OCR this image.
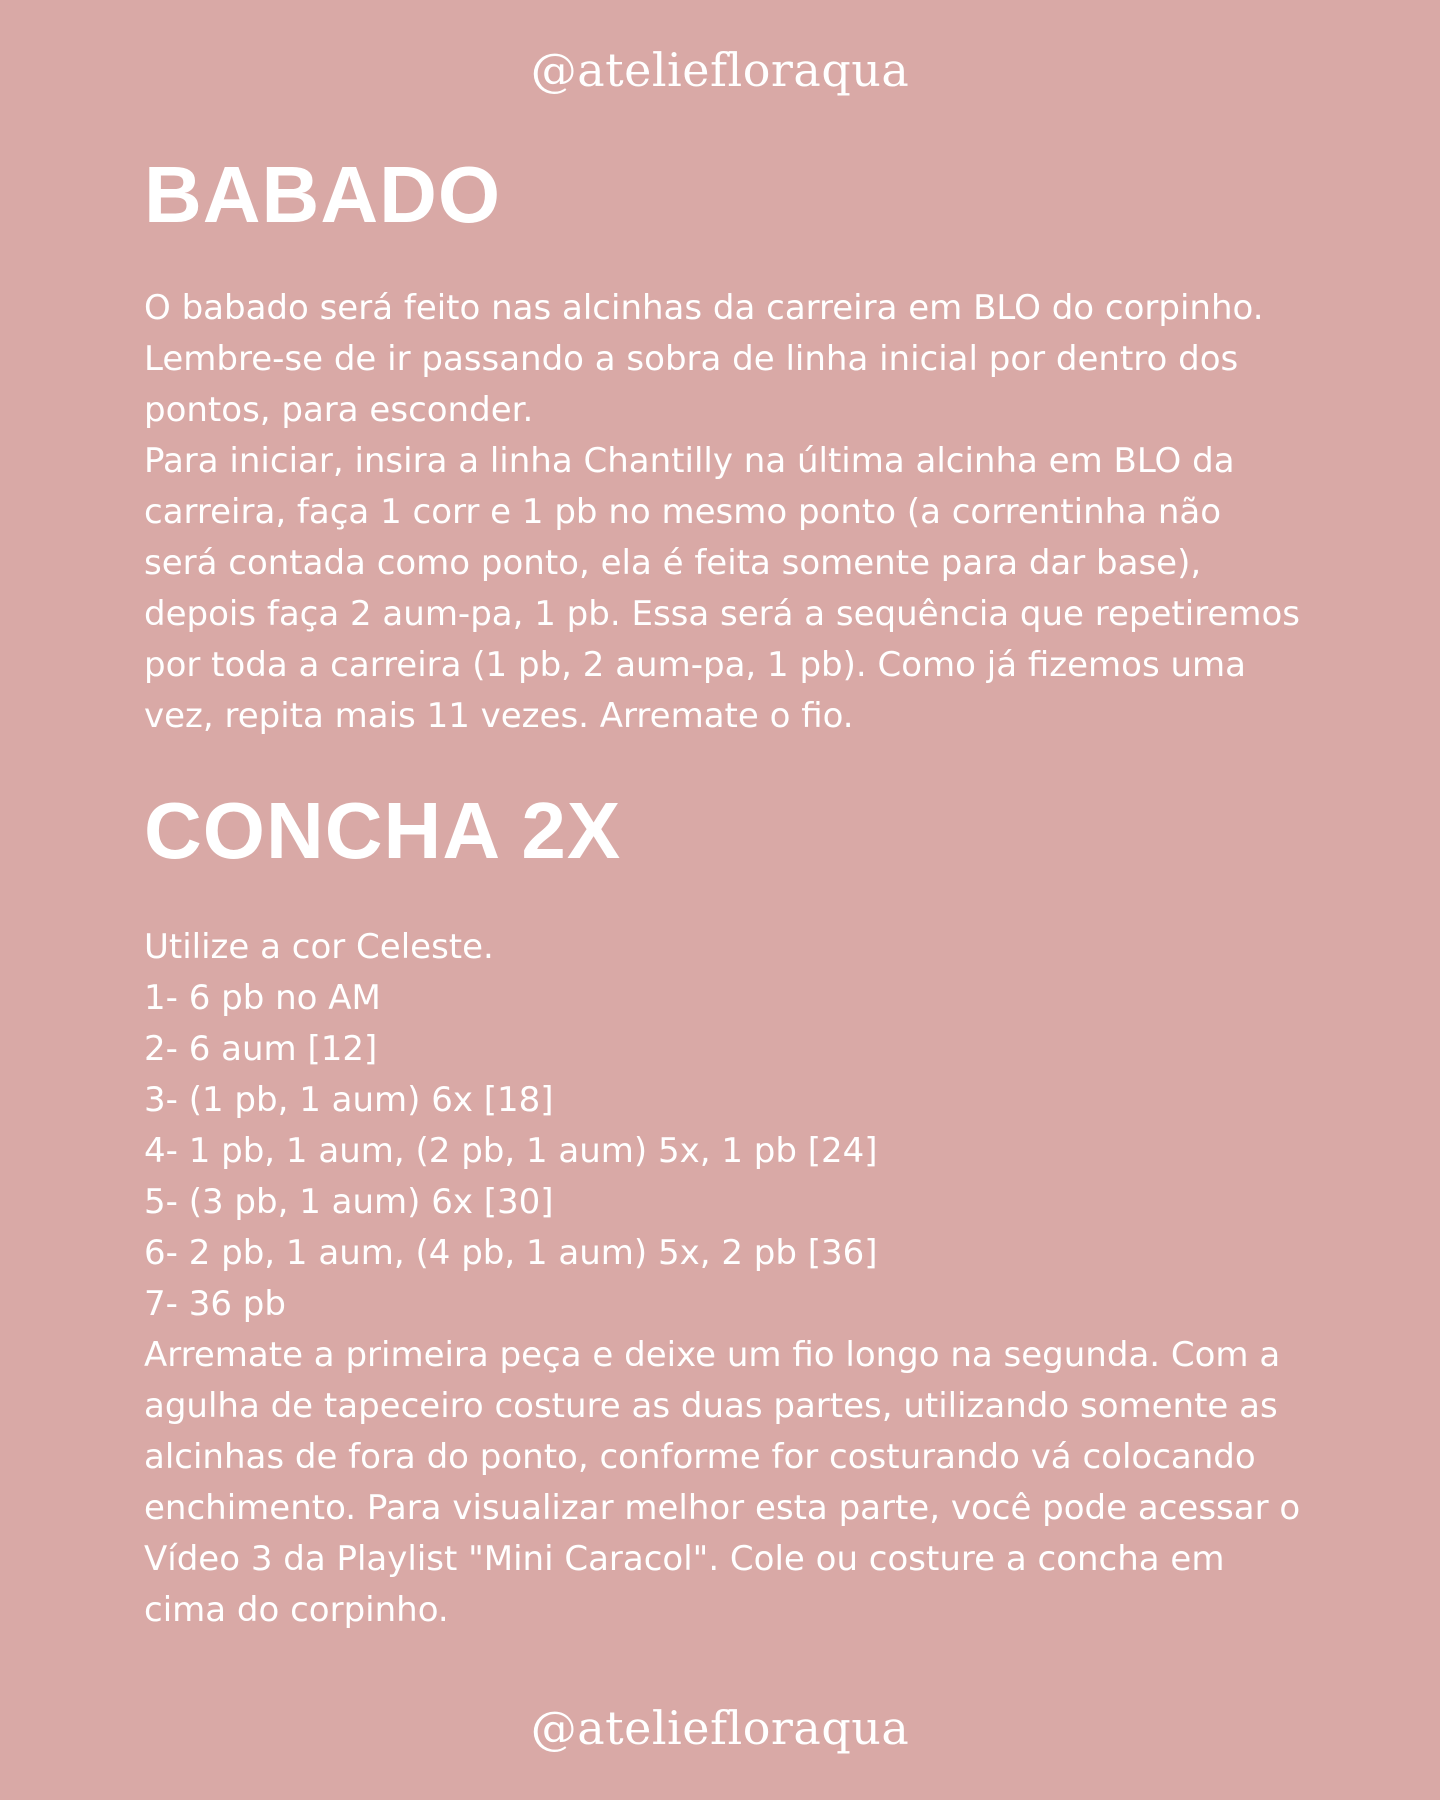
@ateliefloraqua
BABADO

O babado será feito nas alcinhas da carreira em BLO do corpinho. Lembre-se de ir passando a sobra de linha inicial por dentro dos pontos, para esconder.

Para iniciar, insira a linha Chantilly na última alcinha em BLO da carreira, faça 1 corr e 1 pb no mesmo ponto (a correntinha não será contada como ponto, ela é feita somente para dar base), depois faça 2 aum-pa, 1 pb. Essa será a sequência que repetiremos por toda a carreira (1 pb, 2 aum-pa, 1 pb). Como já fizemos uma vez, repita mais 11 vezes. Arremate o fio.

CONCHA 2X

Utilize a cor Celeste.

1- 6 pb no AM

2- 6 aum [12]

3- (1 pb, 1 aum) 6x [18]

4- 1 pb, 1 aum, (2 pb, 1 aum) 5x, 1 pb [24]

5- (3 pb, 1 aum) 6x [30]

6- 2 pb, 1 aum, (4 pb, 1 aum) 5x, 2 pb [36]

7- 36 pb

Arremate a primeira peça e deixe um fio longo na segunda. Com a agulha de tapeceiro costure as duas partes, utilizando somente as alcinhas de fora do ponto, conforme for costurando vá colocando enchimento. Para visualizar melhor esta parte, você pode acessar o Vídeo 3 da Playlist "Mini Caracol". Cole ou costure a concha em cima do corpinho.

@ateliefloraqua
